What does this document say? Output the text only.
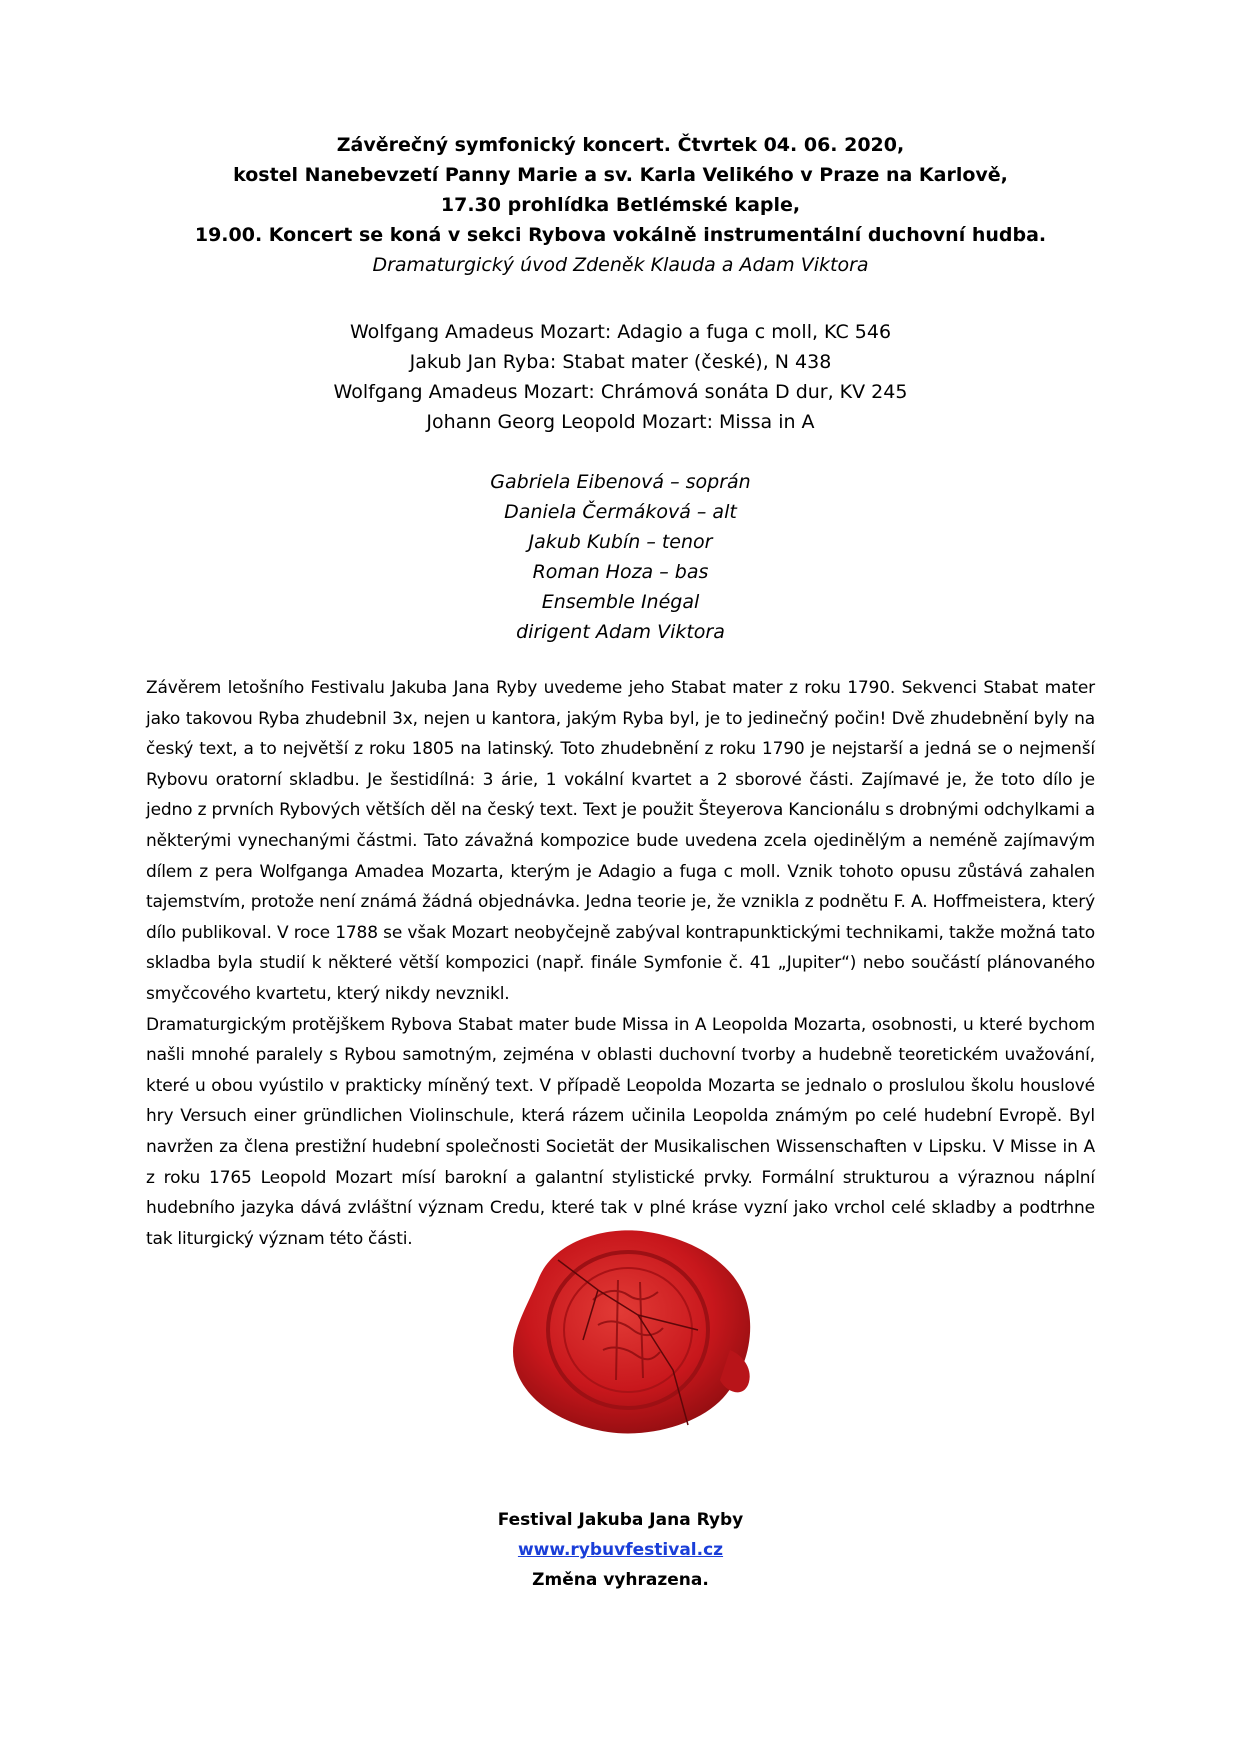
Závěrečný symfonický koncert. Čtvrtek 04. 06. 2020,
kostel Nanebevzetí Panny Marie a sv. Karla Velikého v Praze na Karlově,
17.30 prohlídka Betlémské kaple,
19.00. Koncert se koná v sekci Rybova vokálně instrumentální duchovní hudba.
Dramaturgický úvod Zdeněk Klauda a Adam Viktora
Wolfgang Amadeus Mozart: Adagio a fuga c moll, KC 546
Jakub Jan Ryba: Stabat mater (české), N 438
Wolfgang Amadeus Mozart: Chrámová sonáta D dur, KV 245
Johann Georg Leopold Mozart: Missa in A
Gabriela Eibenová – soprán
Daniela Čermáková – alt
Jakub Kubín – tenor
Roman Hoza – bas
Ensemble Inégal
dirigent Adam Viktora

Závěrem letošního Festivalu Jakuba Jana Ryby uvedeme jeho Stabat mater z roku 1790. Sekvenci Stabat mater jako takovou Ryba zhudebnil 3x, nejen u kantora, jakým Ryba byl, je to jedinečný počin! Dvě zhudebnění byly na český text, a to největší z roku 1805 na latinský. Toto zhudebnění z roku 1790 je nejstarší a jedná se o nejmenší Rybovu oratorní skladbu. Je šestidílná: 3 árie, 1 vokální kvartet a 2 sborové části. Zajímavé je, že toto dílo je jedno z prvních Rybových větších děl na český text. Text je použit Šteyerova Kancionálu s drobnými odchylkami a některými vynechanými částmi. Tato závažná kompozice bude uvedena zcela ojedinělým a neméně zajímavým dílem z pera Wolfganga Amadea Mozarta, kterým je Adagio a fuga c moll. Vznik tohoto opusu zůstává zahalen tajemstvím, protože není známá žádná objednávka. Jedna teorie je, že vznikla z podnětu F. A. Hoffmeistera, který dílo publikoval. V roce 1788 se však Mozart neobyčejně zabýval kontrapunktickými technikami, takže možná tato skladba byla studií k některé větší kompozici (např. finále Symfonie č. 41 „Jupiter“) nebo součástí plánovaného smyčcového kvartetu, který nikdy nevznikl.

Dramaturgickým protějškem Rybova Stabat mater bude Missa in A Leopolda Mozarta, osobnosti, u které bychom našli mnohé paralely s Rybou samotným, zejména v oblasti duchovní tvorby a hudebně teoretickém uvažování, které u obou vyústilo v prakticky míněný text. V případě Leopolda Mozarta se jednalo o proslulou školu houslové hry Versuch einer gründlichen Violinschule, která rázem učinila Leopolda známým po celé hudební Evropě. Byl navržen za člena prestižní hudební společnosti Societät der Musikalischen Wissenschaften v Lipsku. V Misse in A z roku 1765 Leopold Mozart mísí barokní a galantní stylistické prvky. Formální strukturou a výraznou náplní hudebního jazyka dává zvláštní význam Credu, které tak v plné kráse vyzní jako vrchol celé skladby a podtrhne tak liturgický význam této části.

Festival Jakuba Jana Ryby
www.rybuvfestival.cz
Změna vyhrazena.
